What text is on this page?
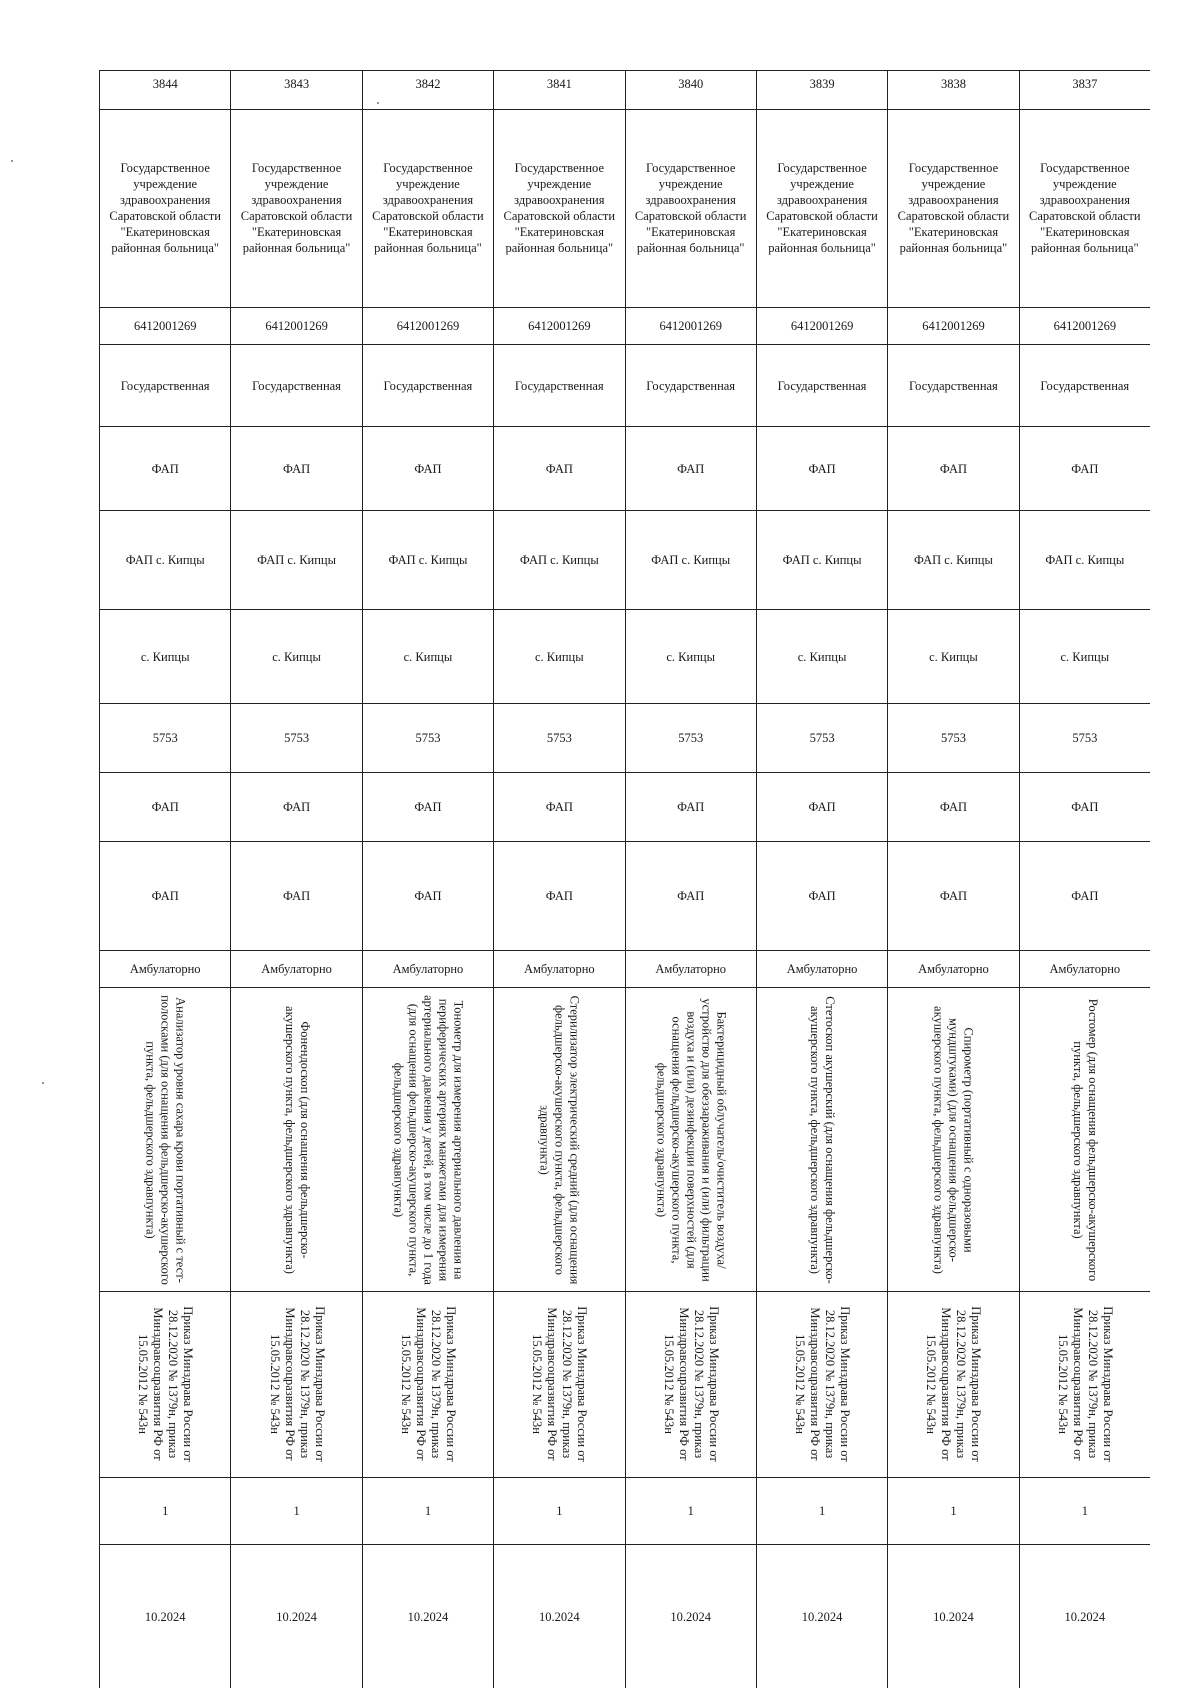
3844
Государственное учреждение здравоохранения Саратовской области "Екатериновская районная больница"
6412001269
Государственная
ФАП
ФАП с. Кипцы
с. Кипцы
5753
ФАП
ФАП
Амбулаторно
Анализатор уровня сахара крови портативный с тест-полосками (для оснащения фельдшерско-акушерского пункта, фельдшерского здравпункта)
Приказ Минздрава России от 28.12.2020 № 1379н, приказ Минздравсоцразвития РФ от 15.05.2012 № 543н
1
10.2024
3843
Государственное учреждение здравоохранения Саратовской области "Екатериновская районная больница"
6412001269
Государственная
ФАП
ФАП с. Кипцы
с. Кипцы
5753
ФАП
ФАП
Амбулаторно
Фонендоскоп (для оснащения фельдшерско-акушерского пункта, фельдшерского здравпункта)
Приказ Минздрава России от 28.12.2020 № 1379н, приказ Минздравсоцразвития РФ от 15.05.2012 № 543н
1
10.2024
3842
Государственное учреждение здравоохранения Саратовской области "Екатериновская районная больница"
6412001269
Государственная
ФАП
ФАП с. Кипцы
с. Кипцы
5753
ФАП
ФАП
Амбулаторно
Тонометр для измерения артериального давления на периферических артериях манжетами для измерения артериального давления у детей, в том числе до 1 года (для оснащения фельдшерско-акушерского пункта, фельдшерского здравпункта)
Приказ Минздрава России от 28.12.2020 № 1379н, приказ Минздравсоцразвития РФ от 15.05.2012 № 543н
1
10.2024
3841
Государственное учреждение здравоохранения Саратовской области "Екатериновская районная больница"
6412001269
Государственная
ФАП
ФАП с. Кипцы
с. Кипцы
5753
ФАП
ФАП
Амбулаторно
Стерилизатор электрический средний (для оснащения фельдшерско-акушерского пункта, фельдшерского здравпункта)
Приказ Минздрава России от 28.12.2020 № 1379н, приказ Минздравсоцразвития РФ от 15.05.2012 № 543н
1
10.2024
3840
Государственное учреждение здравоохранения Саратовской области "Екатериновская районная больница"
6412001269
Государственная
ФАП
ФАП с. Кипцы
с. Кипцы
5753
ФАП
ФАП
Амбулаторно
Бактерицидный облучатель/очиститель воздуха/устройство для обеззараживания и (или) фильтрации воздуха и (или) дезинфекции поверхностей (для оснащения фельдшерско-акушерского пункта, фельдшерского здравпункта)
Приказ Минздрава России от 28.12.2020 № 1379н, приказ Минздравсоцразвития РФ от 15.05.2012 № 543н
1
10.2024
3839
Государственное учреждение здравоохранения Саратовской области "Екатериновская районная больница"
6412001269
Государственная
ФАП
ФАП с. Кипцы
с. Кипцы
5753
ФАП
ФАП
Амбулаторно
Стетоскоп акушерский (для оснащения фельдшерско-акушерского пункта, фельдшерского здравпункта)
Приказ Минздрава России от 28.12.2020 № 1379н, приказ Минздравсоцразвития РФ от 15.05.2012 № 543н
1
10.2024
3838
Государственное учреждение здравоохранения Саратовской области "Екатериновская районная больница"
6412001269
Государственная
ФАП
ФАП с. Кипцы
с. Кипцы
5753
ФАП
ФАП
Амбулаторно
Спирометр (портативный с одноразовыми мундштуками) (для оснащения фельдшерско-акушерского пункта, фельдшерского здравпункта)
Приказ Минздрава России от 28.12.2020 № 1379н, приказ Минздравсоцразвития РФ от 15.05.2012 № 543н
1
10.2024
3837
Государственное учреждение здравоохранения Саратовской области "Екатериновская районная больница"
6412001269
Государственная
ФАП
ФАП с. Кипцы
с. Кипцы
5753
ФАП
ФАП
Амбулаторно
Ростомер (для оснащения фельдшерско-акушерского пункта, фельдшерского здравпункта)
Приказ Минздрава России от 28.12.2020 № 1379н, приказ Минздравсоцразвития РФ от 15.05.2012 № 543н
1
10.2024
